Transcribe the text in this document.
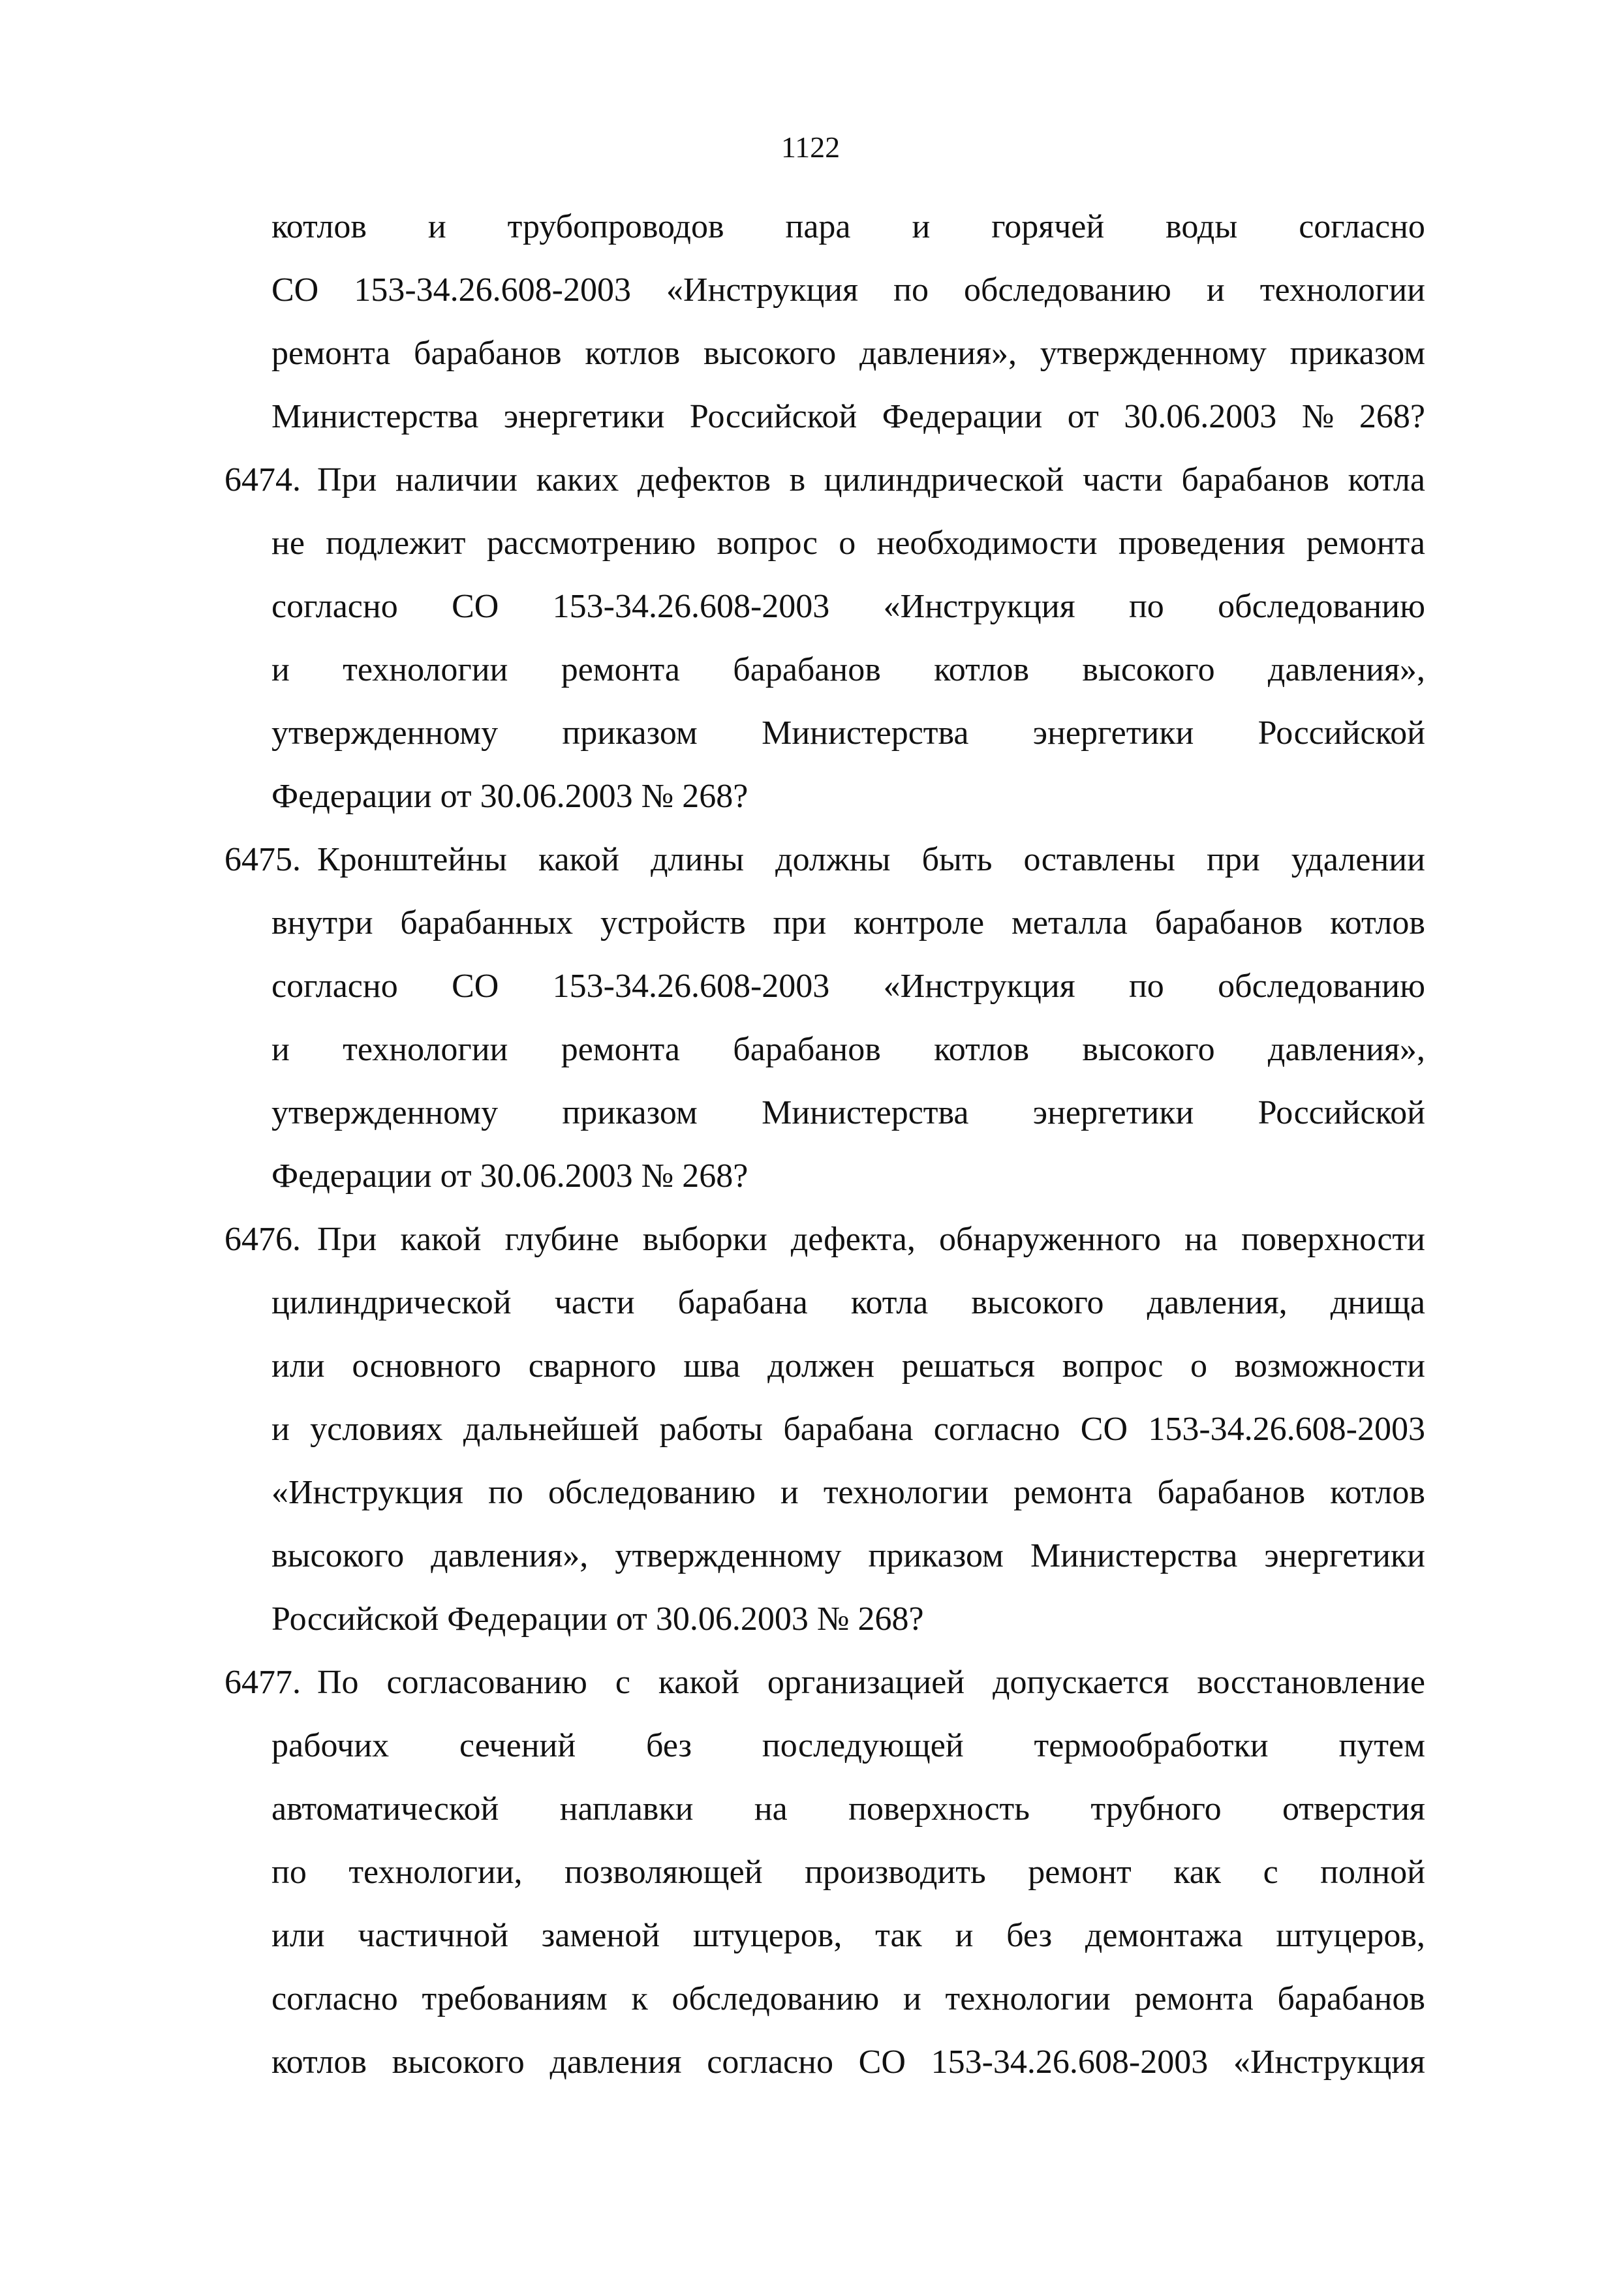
1122
котлов и трубопроводов пара и горячей воды согласно
СО 153-34.26.608-2003 «Инструкция по обследованию и технологии
ремонта барабанов котлов высокого давления», утвержденному приказом
Министерства энергетики Российской Федерации от 30.06.2003 № 268?
6474. При наличии каких дефектов в цилиндрической части барабанов котла
не подлежит рассмотрению вопрос о необходимости проведения ремонта
согласно СО 153-34.26.608-2003 «Инструкция по обследованию
и технологии ремонта барабанов котлов высокого давления»,
утвержденному приказом Министерства энергетики Российской
Федерации от 30.06.2003 № 268?
6475. Кронштейны какой длины должны быть оставлены при удалении
внутри барабанных устройств при контроле металла барабанов котлов
согласно СО 153-34.26.608-2003 «Инструкция по обследованию
и технологии ремонта барабанов котлов высокого давления»,
утвержденному приказом Министерства энергетики Российской
Федерации от 30.06.2003 № 268?
6476. При какой глубине выборки дефекта, обнаруженного на поверхности
цилиндрической части барабана котла высокого давления, днища
или основного сварного шва должен решаться вопрос о возможности
и условиях дальнейшей работы барабана согласно СО 153-34.26.608-2003
«Инструкция по обследованию и технологии ремонта барабанов котлов
высокого давления», утвержденному приказом Министерства энергетики
Российской Федерации от 30.06.2003 № 268?
6477. По согласованию с какой организацией допускается восстановление
рабочих сечений без последующей термообработки путем
автоматической наплавки на поверхность трубного отверстия
по технологии, позволяющей производить ремонт как с полной
или частичной заменой штуцеров, так и без демонтажа штуцеров,
согласно требованиям к обследованию и технологии ремонта барабанов
котлов высокого давления согласно СО 153-34.26.608-2003 «Инструкция
